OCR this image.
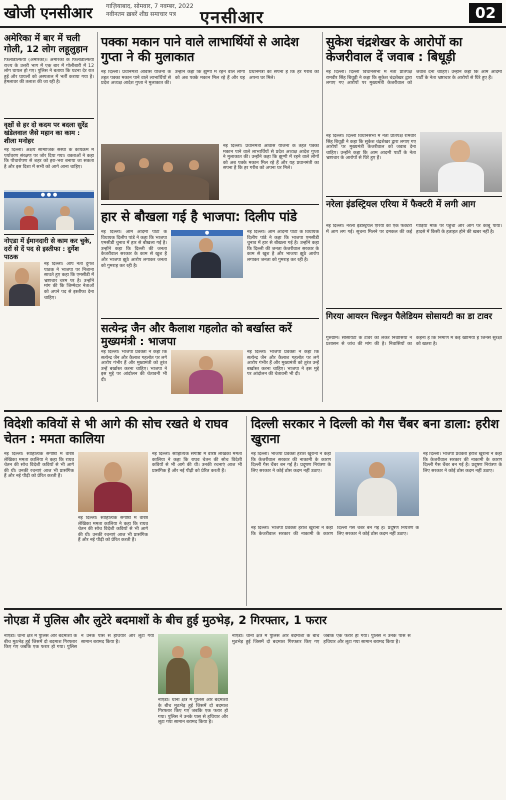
खोजी एनसीआर गाज़ियाबाद, सोमवार, 7 नवम्बर, 2022
नवीनतम ख़बरें शीघ्र समाचार पत्र	एनसीआर	02
अमेरिका में बार में चली गोली, 12 लोग लहूलुहान
फिलाडेल्फिया (अमेरिका)। अमेरिका के फिलाडेल्फिया राज्य के उत्तरी भाग में एक बार में गोलीबारी में 12 लोग घायल हो गए। पुलिस ने बताया कि घटना देर रात हुई और घायलों को अस्पताल में भर्ती कराया गया है। हमलावर की तलाश की जा रही है।
वृक्षों से हर दो कदम पर बदला सुरेंद्र खंडेलवाल जैसे महान का काम : शीला मनोहर
नई दिल्ली। अक्षय सामाजिक संस्था के कार्यक्रम में पर्यावरण संरक्षण पर जोर दिया गया। वक्ताओं ने कहा कि पौधारोपण से शहर को हरा-भरा बनाया जा सकता है और इस दिशा में सभी को आगे आना चाहिए।
● ● ●
नोएडा में ईमानदारी से काम कर चुके, दरों से दें पद से इस्तीफा : दुर्गेश पाठक
नई दिल्ली। आप नेता दुर्गेश पाठक ने भाजपा पर निशाना साधते हुए कहा कि एमसीडी में भ्रष्टाचार चरम पर है। उन्होंने मांग की कि जिम्मेदार नेताओं को अपने पद से इस्तीफा देना चाहिए।
पक्का मकान पाने वाले लाभार्थियों से आदेश गुप्ता ने की मुलाकात
नई दिल्ली। प्रधानमंत्री आवास योजना के तहत पक्का मकान पाने वाले लाभार्थियों से प्रदेश अध्यक्ष आदेश गुप्ता ने मुलाकात की। उन्होंने कहा कि झुग्गी में रहने वाले लोगों को अब पक्के मकान मिल रहे हैं और यह प्रधानमंत्री का सपना है कि हर गरीब को अपना घर मिले।
नई दिल्ली। प्रधानमंत्री आवास योजना के तहत पक्का मकान पाने वाले लाभार्थियों से प्रदेश अध्यक्ष आदेश गुप्ता ने मुलाकात की। उन्होंने कहा कि झुग्गी में रहने वाले लोगों को अब पक्के मकान मिल रहे हैं और यह प्रधानमंत्री का सपना है कि हर गरीब को अपना घर मिले।
सुकेश चंद्रशेखर के आरोपों का केजरीवाल दें जवाब : बिधूड़ी
नई दिल्ली। दिल्ली विधानसभा में नेता प्रतिपक्ष रामवीर सिंह बिधूड़ी ने कहा कि सुकेश चंद्रशेखर द्वारा लगाए गए आरोपों पर मुख्यमंत्री केजरीवाल को जवाब देना चाहिए। उन्होंने कहा कि आम आदमी पार्टी के नेता भ्रष्टाचार के आरोपों से घिरे हुए हैं।
नई दिल्ली। दिल्ली विधानसभा में नेता प्रतिपक्ष रामवीर सिंह बिधूड़ी ने कहा कि सुकेश चंद्रशेखर द्वारा लगाए गए आरोपों पर मुख्यमंत्री केजरीवाल को जवाब देना चाहिए। उन्होंने कहा कि आम आदमी पार्टी के नेता भ्रष्टाचार के आरोपों से घिरे हुए हैं।
नरेला इंडस्ट्रियल एरिया में फैक्टरी में लगी आग
नई दिल्ली। नरेला इंडस्ट्रियल एरिया की एक फैक्टरी में आग लग गई। सूचना मिलने पर दमकल की कई गाड़ियां मौके पर पहुंचीं और आग पर काबू पाया। हादसे में किसी के हताहत होने की खबर नहीं है।
हार से बौखला गई है भाजपा: दिलीप पांडे
नई दिल्ली। आम आदमी पार्टी के विधायक दिलीप पांडे ने कहा कि भाजपा एमसीडी चुनाव में हार से बौखला गई है। उन्होंने कहा कि दिल्ली की जनता केजरीवाल सरकार के काम से खुश है और भाजपा झूठे आरोप लगाकर जनता को गुमराह कर रही है।
●	नई दिल्ली। आम आदमी पार्टी के विधायक दिलीप पांडे ने कहा कि भाजपा एमसीडी चुनाव में हार से बौखला गई है। उन्होंने कहा कि दिल्ली की जनता केजरीवाल सरकार के काम से खुश है और भाजपा झूठे आरोप लगाकर जनता को गुमराह कर रही है।
सत्येन्द्र जैन और कैलाश गहलोत को बर्खास्त करें मुख्यमंत्री : भाजपा
नई दिल्ली। भाजपा प्रवक्ता ने कहा कि सत्येन्द्र जैन और कैलाश गहलोत पर लगे आरोप गंभीर हैं और मुख्यमंत्री को तुरंत उन्हें बर्खास्त करना चाहिए। भाजपा ने इस मुद्दे पर आंदोलन की चेतावनी भी दी।
नई दिल्ली। भाजपा प्रवक्ता ने कहा कि सत्येन्द्र जैन और कैलाश गहलोत पर लगे आरोप गंभीर हैं और मुख्यमंत्री को तुरंत उन्हें बर्खास्त करना चाहिए। भाजपा ने इस मुद्दे पर आंदोलन की चेतावनी भी दी।
गिरया आयरन चिल्ड्रन पैलेडियम सोसायटी का डा टावर
गुरुग्राम। सोसायटी के टावर को लेकर निवासियों ने प्रशासन से जांच की मांग की है। निवासियों का कहना है कि निर्माण में कई खामियां हैं जिनसे सुरक्षा को खतरा है।
विदेशी कवियों से भी आगे की सोच रखते थे राघव चेतन : ममता कालिया
नई दिल्ली। साहित्यिक संगोष्ठी में वरिष्ठ लेखिका ममता कालिया ने कहा कि राघव चेतन की सोच विदेशी कवियों से भी आगे की थी। उनकी रचनाएं आज भी प्रासंगिक हैं और नई पीढ़ी को प्रेरित करती हैं।
नई दिल्ली। साहित्यिक संगोष्ठी में वरिष्ठ लेखिका ममता कालिया ने कहा कि राघव चेतन की सोच विदेशी कवियों से भी आगे की थी। उनकी रचनाएं आज भी प्रासंगिक हैं और नई पीढ़ी को प्रेरित करती हैं।
नई दिल्ली। साहित्यिक संगोष्ठी में वरिष्ठ लेखिका ममता कालिया ने कहा कि राघव चेतन की सोच विदेशी कवियों से भी आगे की थी। उनकी रचनाएं आज भी प्रासंगिक हैं और नई पीढ़ी को प्रेरित करती हैं।
दिल्ली सरकार ने दिल्ली को गैस चैंबर बना डाला: हरीश खुराना
नई दिल्ली। भाजपा प्रवक्ता हरीश खुराना ने कहा कि केजरीवाल सरकार की नाकामी के कारण दिल्ली गैस चैंबर बन गई है। प्रदूषण नियंत्रण के लिए सरकार ने कोई ठोस कदम नहीं उठाए।
नई दिल्ली। भाजपा प्रवक्ता हरीश खुराना ने कहा कि केजरीवाल सरकार की नाकामी के कारण दिल्ली गैस चैंबर बन गई है। प्रदूषण नियंत्रण के लिए सरकार ने कोई ठोस कदम नहीं उठाए।
नई दिल्ली। भाजपा प्रवक्ता हरीश खुराना ने कहा कि केजरीवाल सरकार की नाकामी के कारण दिल्ली गैस चैंबर बन गई है। प्रदूषण नियंत्रण के लिए सरकार ने कोई ठोस कदम नहीं उठाए।
नोएडा में पुलिस और लुटेरे बदमाशों के बीच हुई मुठभेड़, 2 गिरफ्तार, 1 फरार
नोएडा। थाना क्षेत्र में पुलिस और बदमाशों के बीच मुठभेड़ हुई जिसमें दो बदमाश गिरफ्तार किए गए जबकि एक फरार हो गया। पुलिस ने उनके पास से हथियार और लूटा गया सामान बरामद किया है।
नोएडा। थाना क्षेत्र में पुलिस और बदमाशों के बीच मुठभेड़ हुई जिसमें दो बदमाश गिरफ्तार किए गए जबकि एक फरार हो गया। पुलिस ने उनके पास से हथियार और लूटा गया सामान बरामद किया है।
नोएडा। थाना क्षेत्र में पुलिस और बदमाशों के बीच मुठभेड़ हुई जिसमें दो बदमाश गिरफ्तार किए गए जबकि एक फरार हो गया। पुलिस ने उनके पास से हथियार और लूटा गया सामान बरामद किया है।
